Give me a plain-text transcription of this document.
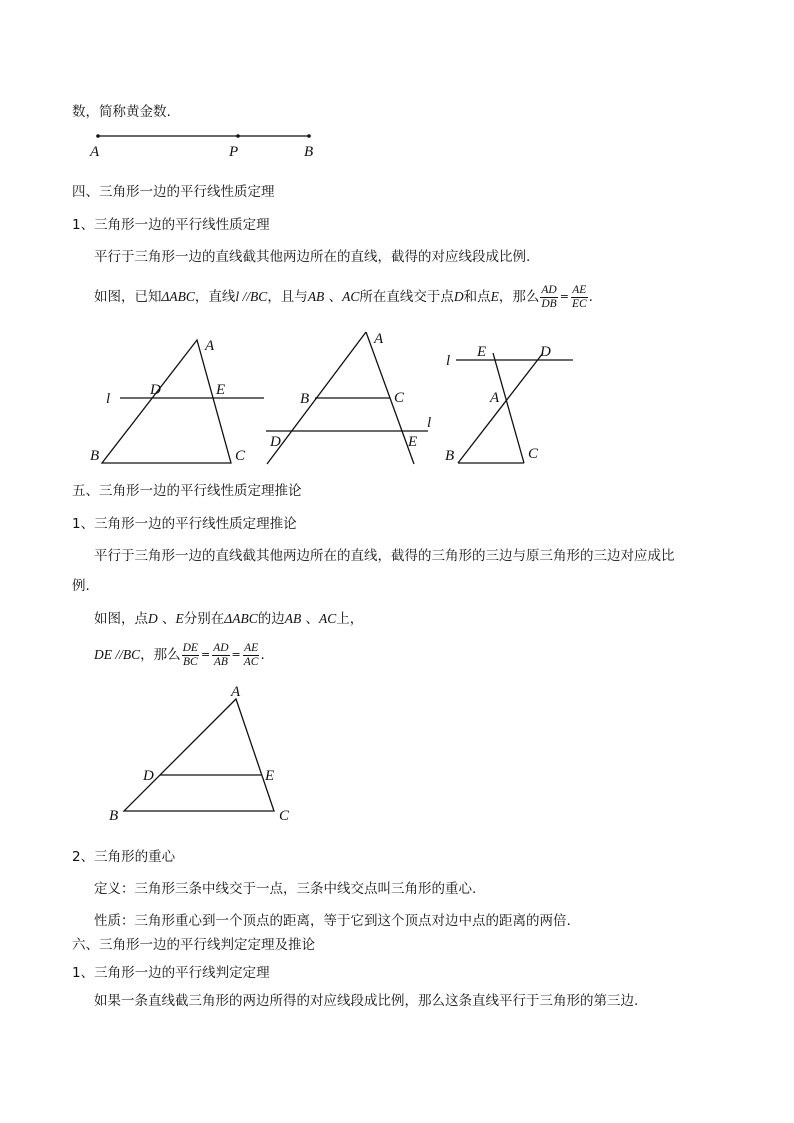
数，简称黄金数.
A	P	B
四、三角形一边的平行线性质定理
1、三角形一边的平行线性质定理
平行于三角形一边的直线截其他两边所在的直线，截得的对应线段成比例.
如图，已知ΔABC，直线l //BC，且与AB 、AC所在直线交于点D和点E，那么 $\frac{AD}{DB} = \frac{AE}{EC}$ .
A
l
D	E
B	C
A
B	C
l
D	E
l
E	D
A
B	C
五、三角形一边的平行线性质定理推论
1、三角形一边的平行线性质定理推论
平行于三角形一边的直线截其他两边所在的直线，截得的三角形的三边与原三角形的三边对应成比
例.
如图，点D 、E分别在ΔABC的边AB 、AC上，
DE //BC，那么 $\frac{DE}{BC} = \frac{AD}{AB} = \frac{AE}{AC}$ .
A
D	E
B	C
2、三角形的重心
定义：三角形三条中线交于一点，三条中线交点叫三角形的重心.
性质：三角形重心到一个顶点的距离，等于它到这个顶点对边中点的距离的两倍.
六、三角形一边的平行线判定定理及推论
1、三角形一边的平行线判定定理
如果一条直线截三角形的两边所得的对应线段成比例，那么这条直线平行于三角形的第三边.
